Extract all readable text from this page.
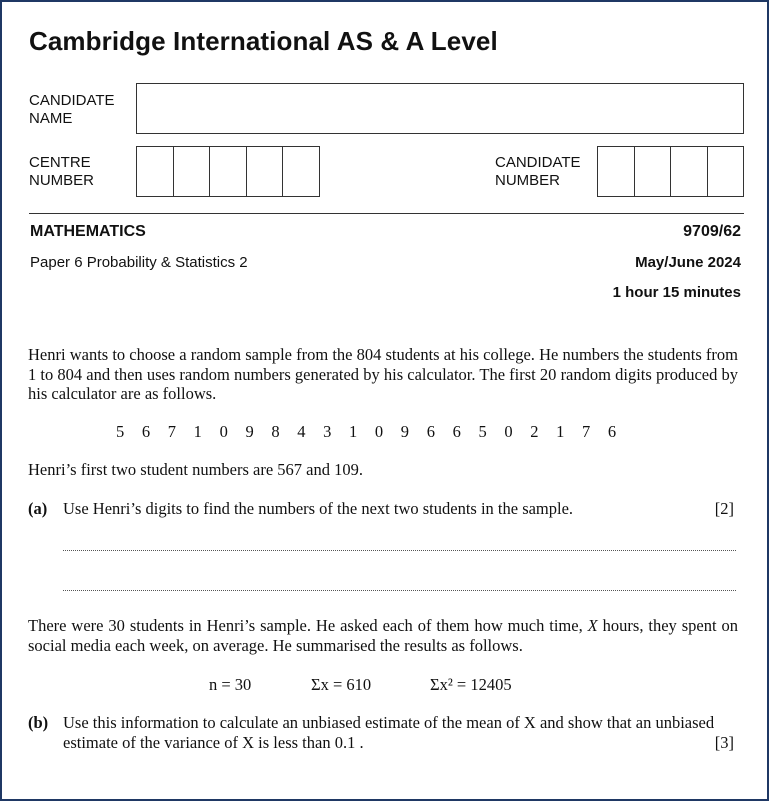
Cambridge International AS & A Level
CANDIDATE
NAME
CENTRE
NUMBER
CANDIDATE
NUMBER
MATHEMATICS	9709/62
Paper 6 Probability & Statistics 2	May/June 2024
1 hour 15 minutes
Henri wants to choose a random sample from the 804 students at his college. He numbers the students from 1 to 804 and then uses random numbers generated by his calculator. The first 20 random digits produced by his calculator are as follows.
5 6 7 1 0 9 8 4 3 1 0 9 6 6 5 0 2 1 7 6
Henri’s first two student numbers are 567 and 109.
(a) Use Henri’s digits to find the numbers of the next two students in the sample.	[2]
There were 30 students in Henri’s sample. He asked each of them how much time, X hours, they spent on social media each week, on average. He summarised the results as follows.
n = 30	Σx = 610	Σx² = 12405
(b) Use this information to calculate an unbiased estimate of the mean of X and show that an unbiased
estimate of the variance of X is less than 0.1 .	[3]
